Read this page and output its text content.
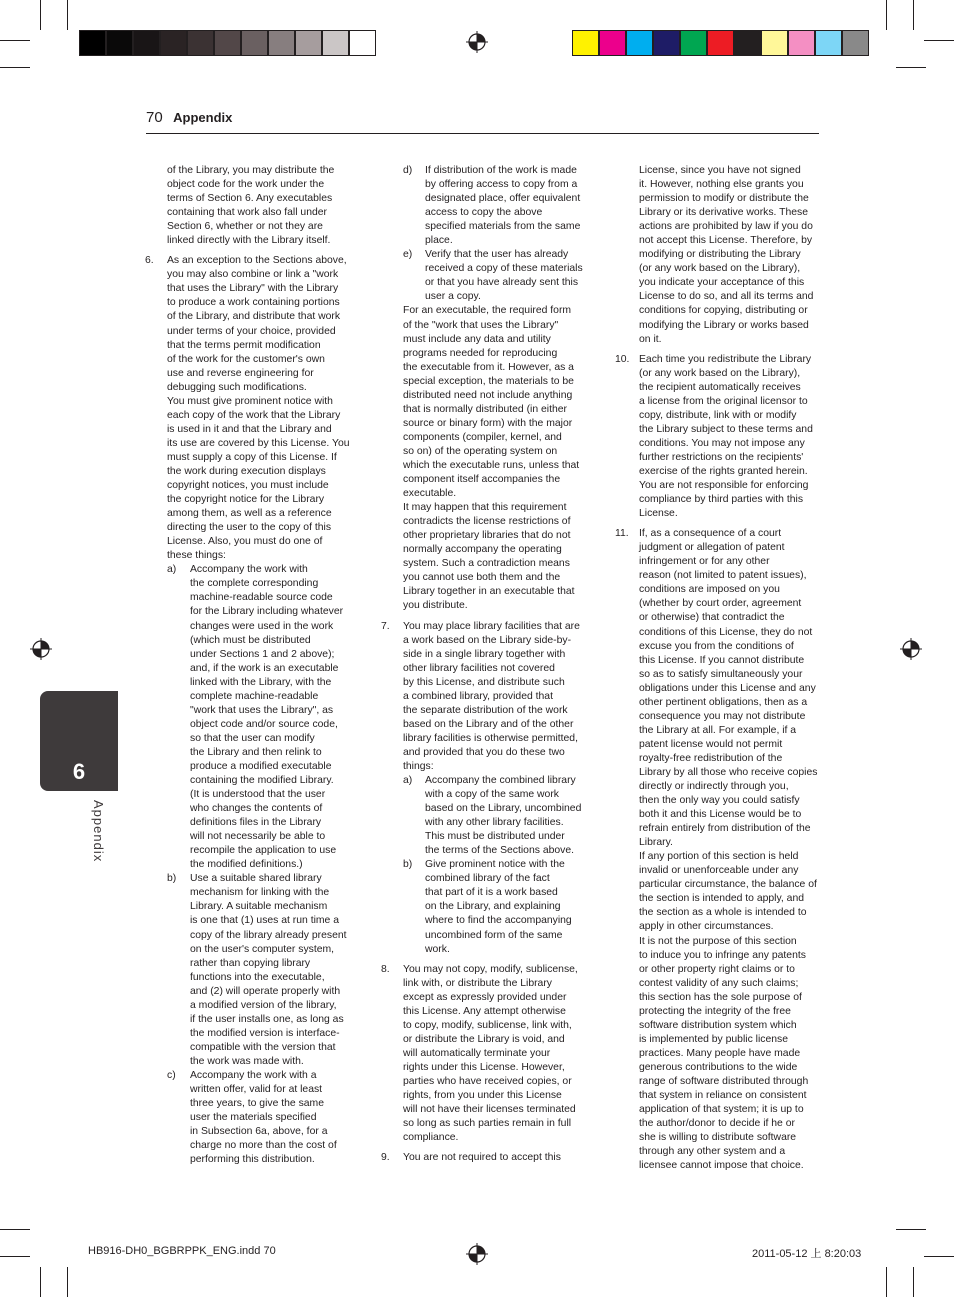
70 Appendix
6
Appendix

of the Library, you may distribute the
object code for the work under the
terms of Section 6. Any executables
containing that work also fall under
Section 6, whether or not they are
linked directly with the Library itself.

6. As an exception to the Sections above,
you may also combine or link a "work
that uses the Library" with the Library
to produce a work containing portions
of the Library, and distribute that work
under terms of your choice, provided
that the terms permit modification
of the work for the customer's own
use and reverse engineering for
debugging such modifications.
You must give prominent notice with
each copy of the work that the Library
is used in it and that the Library and
its use are covered by this License. You
must supply a copy of this License. If
the work during execution displays
copyright notices, you must include
the copyright notice for the Library
among them, as well as a reference
directing the user to the copy of this
License. Also, you must do one of
these things:

a) Accompany the work with
the complete corresponding
machine-readable source code
for the Library including whatever
changes were used in the work
(which must be distributed
under Sections 1 and 2 above);
and, if the work is an executable
linked with the Library, with the
complete machine-readable
"work that uses the Library", as
object code and/or source code,
so that the user can modify
the Library and then relink to
produce a modified executable
containing the modified Library.
(It is understood that the user
who changes the contents of
definitions files in the Library
will not necessarily be able to
recompile the application to use
the modified definitions.)

b) Use a suitable shared library
mechanism for linking with the
Library. A suitable mechanism
is one that (1) uses at run time a
copy of the library already present
on the user's computer system,
rather than copying library
functions into the executable,
and (2) will operate properly with
a modified version of the library,
if the user installs one, as long as
the modified version is interface-
compatible with the version that
the work was made with.

c) Accompany the work with a
written offer, valid for at least
three years, to give the same
user the materials specified
in Subsection 6a, above, for a
charge no more than the cost of
performing this distribution.

d) If distribution of the work is made
by offering access to copy from a
designated place, offer equivalent
access to copy the above
specified materials from the same
place.

e) Verify that the user has already
received a copy of these materials
or that you have already sent this
user a copy.

For an executable, the required form
of the "work that uses the Library"
must include any data and utility
programs needed for reproducing
the executable from it. However, as a
special exception, the materials to be
distributed need not include anything
that is normally distributed (in either
source or binary form) with the major
components (compiler, kernel, and
so on) of the operating system on
which the executable runs, unless that
component itself accompanies the
executable.
It may happen that this requirement
contradicts the license restrictions of
other proprietary libraries that do not
normally accompany the operating
system. Such a contradiction means
you cannot use both them and the
Library together in an executable that
you distribute.

7. You may place library facilities that are
a work based on the Library side-by-
side in a single library together with
other library facilities not covered
by this License, and distribute such
a combined library, provided that
the separate distribution of the work
based on the Library and of the other
library facilities is otherwise permitted,
and provided that you do these two
things:

a) Accompany the combined library
with a copy of the same work
based on the Library, uncombined
with any other library facilities.
This must be distributed under
the terms of the Sections above.

b) Give prominent notice with the
combined library of the fact
that part of it is a work based
on the Library, and explaining
where to find the accompanying
uncombined form of the same
work.

8. You may not copy, modify, sublicense,
link with, or distribute the Library
except as expressly provided under
this License. Any attempt otherwise
to copy, modify, sublicense, link with,
or distribute the Library is void, and
will automatically terminate your
rights under this License. However,
parties who have received copies, or
rights, from you under this License
will not have their licenses terminated
so long as such parties remain in full
compliance.

9. You are not required to accept this

License, since you have not signed
it. However, nothing else grants you
permission to modify or distribute the
Library or its derivative works. These
actions are prohibited by law if you do
not accept this License. Therefore, by
modifying or distributing the Library
(or any work based on the Library),
you indicate your acceptance of this
License to do so, and all its terms and
conditions for copying, distributing or
modifying the Library or works based
on it.

10. Each time you redistribute the Library
(or any work based on the Library),
the recipient automatically receives
a license from the original licensor to
copy, distribute, link with or modify
the Library subject to these terms and
conditions. You may not impose any
further restrictions on the recipients'
exercise of the rights granted herein.
You are not responsible for enforcing
compliance by third parties with this
License.

11. If, as a consequence of a court
judgment or allegation of patent
infringement or for any other
reason (not limited to patent issues),
conditions are imposed on you
(whether by court order, agreement
or otherwise) that contradict the
conditions of this License, they do not
excuse you from the conditions of
this License. If you cannot distribute
so as to satisfy simultaneously your
obligations under this License and any
other pertinent obligations, then as a
consequence you may not distribute
the Library at all. For example, if a
patent license would not permit
royalty-free redistribution of the
Library by all those who receive copies
directly or indirectly through you,
then the only way you could satisfy
both it and this License would be to
refrain entirely from distribution of the
Library.
If any portion of this section is held
invalid or unenforceable under any
particular circumstance, the balance of
the section is intended to apply, and
the section as a whole is intended to
apply in other circumstances.
It is not the purpose of this section
to induce you to infringe any patents
or other property right claims or to
contest validity of any such claims;
this section has the sole purpose of
protecting the integrity of the free
software distribution system which
is implemented by public license
practices. Many people have made
generous contributions to the wide
range of software distributed through
that system in reliance on consistent
application of that system; it is up to
the author/donor to decide if he or
she is willing to distribute software
through any other system and a
licensee cannot impose that choice.

HB916-DH0_BGBRPPK_ENG.indd 70	2011-05-12 上 8:20:03
